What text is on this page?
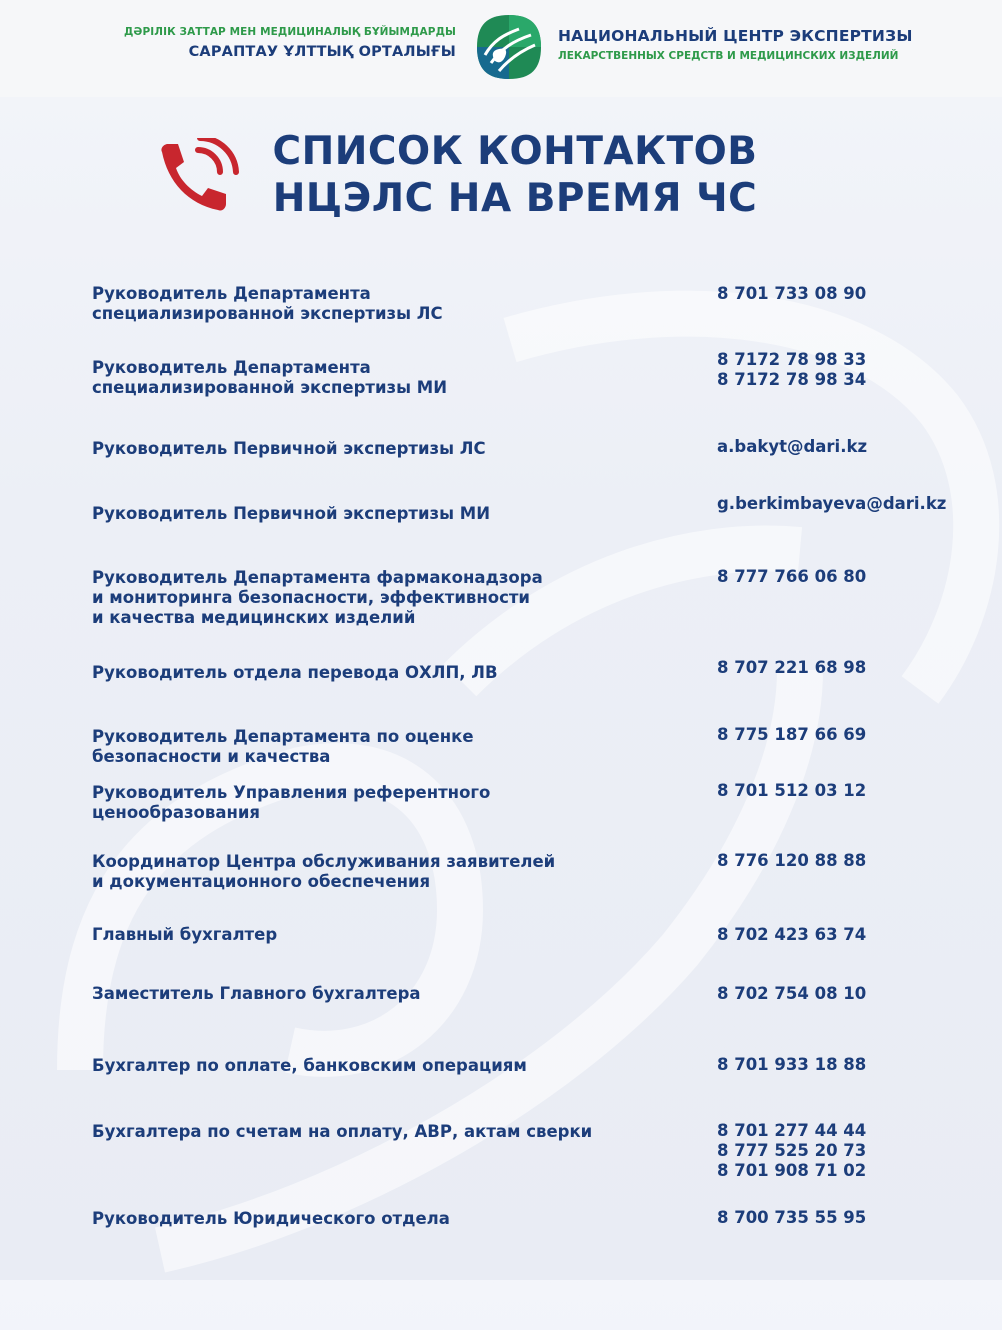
ДӘРІЛІК ЗАТТАР МЕН МЕДИЦИНАЛЫҚ БҰЙЫМДАРДЫ
САРАПТАУ ҰЛТТЫҚ ОРТАЛЫҒЫ
НАЦИОНАЛЬНЫЙ ЦЕНТР ЭКСПЕРТИЗЫ
ЛЕКАРСТВЕННЫХ СРЕДСТВ И МЕДИЦИНСКИХ ИЗДЕЛИЙ
СПИСОК КОНТАКТОВ
НЦЭЛС НА ВРЕМЯ ЧС
Руководитель Департамента
специализированной экспертизы ЛС
8 701 733 08 90
Руководитель Департамента
специализированной экспертизы МИ
8 7172 78 98 33
8 7172 78 98 34
Руководитель Первичной экспертизы ЛС	a.bakyt@dari.kz
Руководитель Первичной экспертизы МИ
g.berkimbayeva@dari.kz
Руководитель Департамента фармаконадзора
и мониторинга безопасности, эффективности
и качества медицинских изделий
8 777 766 06 80
Руководитель отдела перевода ОХЛП, ЛВ	8 707 221 68 98
Руководитель Департамента по оценке
безопасности и качества
8 775 187 66 69
Руководитель Управления референтного
ценообразования
8 701 512 03 12
Координатор Центра обслуживания заявителей
и документационного обеспечения
8 776 120 88 88
Главный бухгалтер	8 702 423 63 74
Заместитель Главного бухгалтера	8 702 754 08 10
Бухгалтер по оплате, банковским операциям	8 701 933 18 88
Бухгалтера по счетам на оплату, АВР, актам сверки	8 701 277 44 44
8 777 525 20 73
8 701 908 71 02
Руководитель Юридического отдела	8 700 735 55 95
